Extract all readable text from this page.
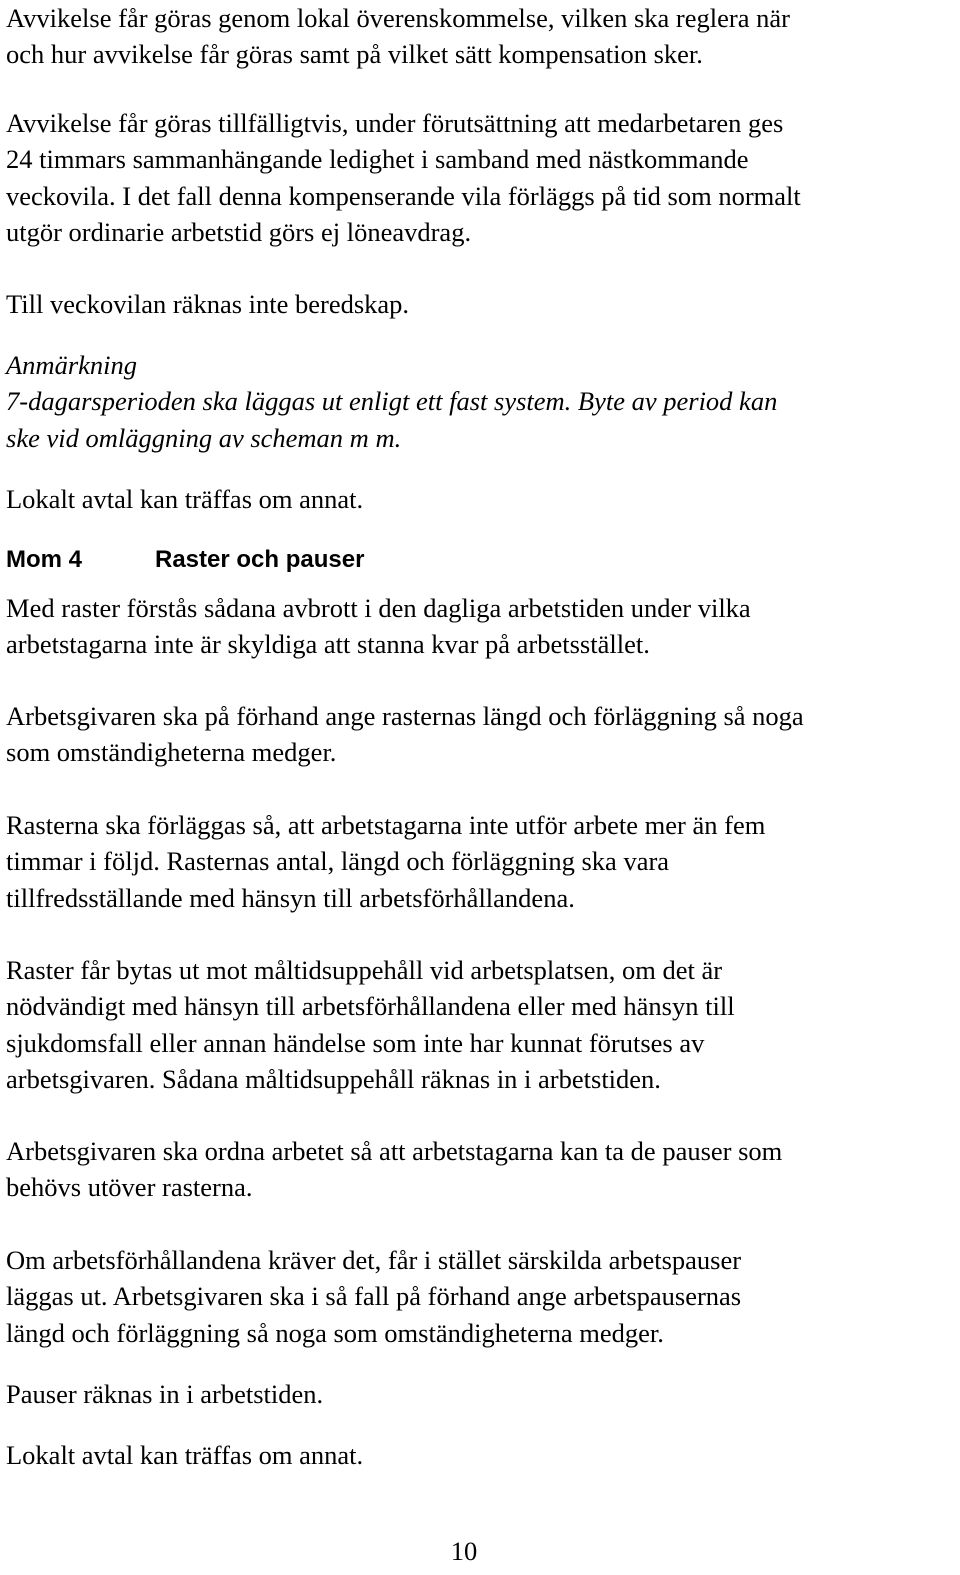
Avvikelse får göras genom lokal överenskommelse, vilken ska reglera när
och hur avvikelse får göras samt på vilket sätt kompensation sker.

Avvikelse får göras tillfälligtvis, under förutsättning att medarbetaren ges
24 timmars sammanhängande ledighet i samband med nästkommande
veckovila. I det fall denna kompenserande vila förläggs på tid som normalt
utgör ordinarie arbetstid görs ej löneavdrag.

Till veckovilan räknas inte beredskap.

Anmärkning
7-dagarsperioden ska läggas ut enligt ett fast system. Byte av period kan
ske vid omläggning av scheman m m.

Lokalt avtal kan träffas om annat.

Mom 4	Raster och pauser

Med raster förstås sådana avbrott i den dagliga arbetstiden under vilka
arbetstagarna inte är skyldiga att stanna kvar på arbetsstället.

Arbetsgivaren ska på förhand ange rasternas längd och förläggning så noga
som omständigheterna medger.

Rasterna ska förläggas så, att arbetstagarna inte utför arbete mer än fem
timmar i följd. Rasternas antal, längd och förläggning ska vara
tillfredsställande med hänsyn till arbetsförhållandena.

Raster får bytas ut mot måltidsuppehåll vid arbetsplatsen, om det är
nödvändigt med hänsyn till arbetsförhållandena eller med hänsyn till
sjukdomsfall eller annan händelse som inte har kunnat förutses av
arbetsgivaren. Sådana måltidsuppehåll räknas in i arbetstiden.

Arbetsgivaren ska ordna arbetet så att arbetstagarna kan ta de pauser som
behövs utöver rasterna.

Om arbetsförhållandena kräver det, får i stället särskilda arbetspauser
läggas ut. Arbetsgivaren ska i så fall på förhand ange arbetspausernas
längd och förläggning så noga som omständigheterna medger.

Pauser räknas in i arbetstiden.

Lokalt avtal kan träffas om annat.

10
